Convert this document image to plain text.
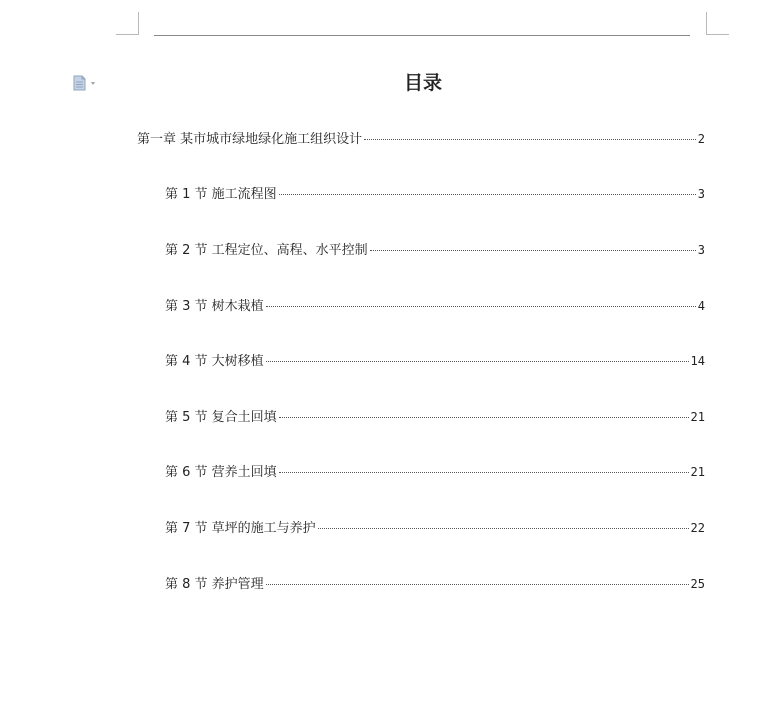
目录
第一章 某市城市绿地绿化施工组织设计	2
第 1 节 施工流程图	3
第 2 节 工程定位、高程、水平控制	3
第 3 节 树木栽植	4
第 4 节 大树移植	14
第 5 节 复合土回填	21
第 6 节 营养土回填	21
第 7 节 草坪的施工与养护	22
第 8 节 养护管理	25
